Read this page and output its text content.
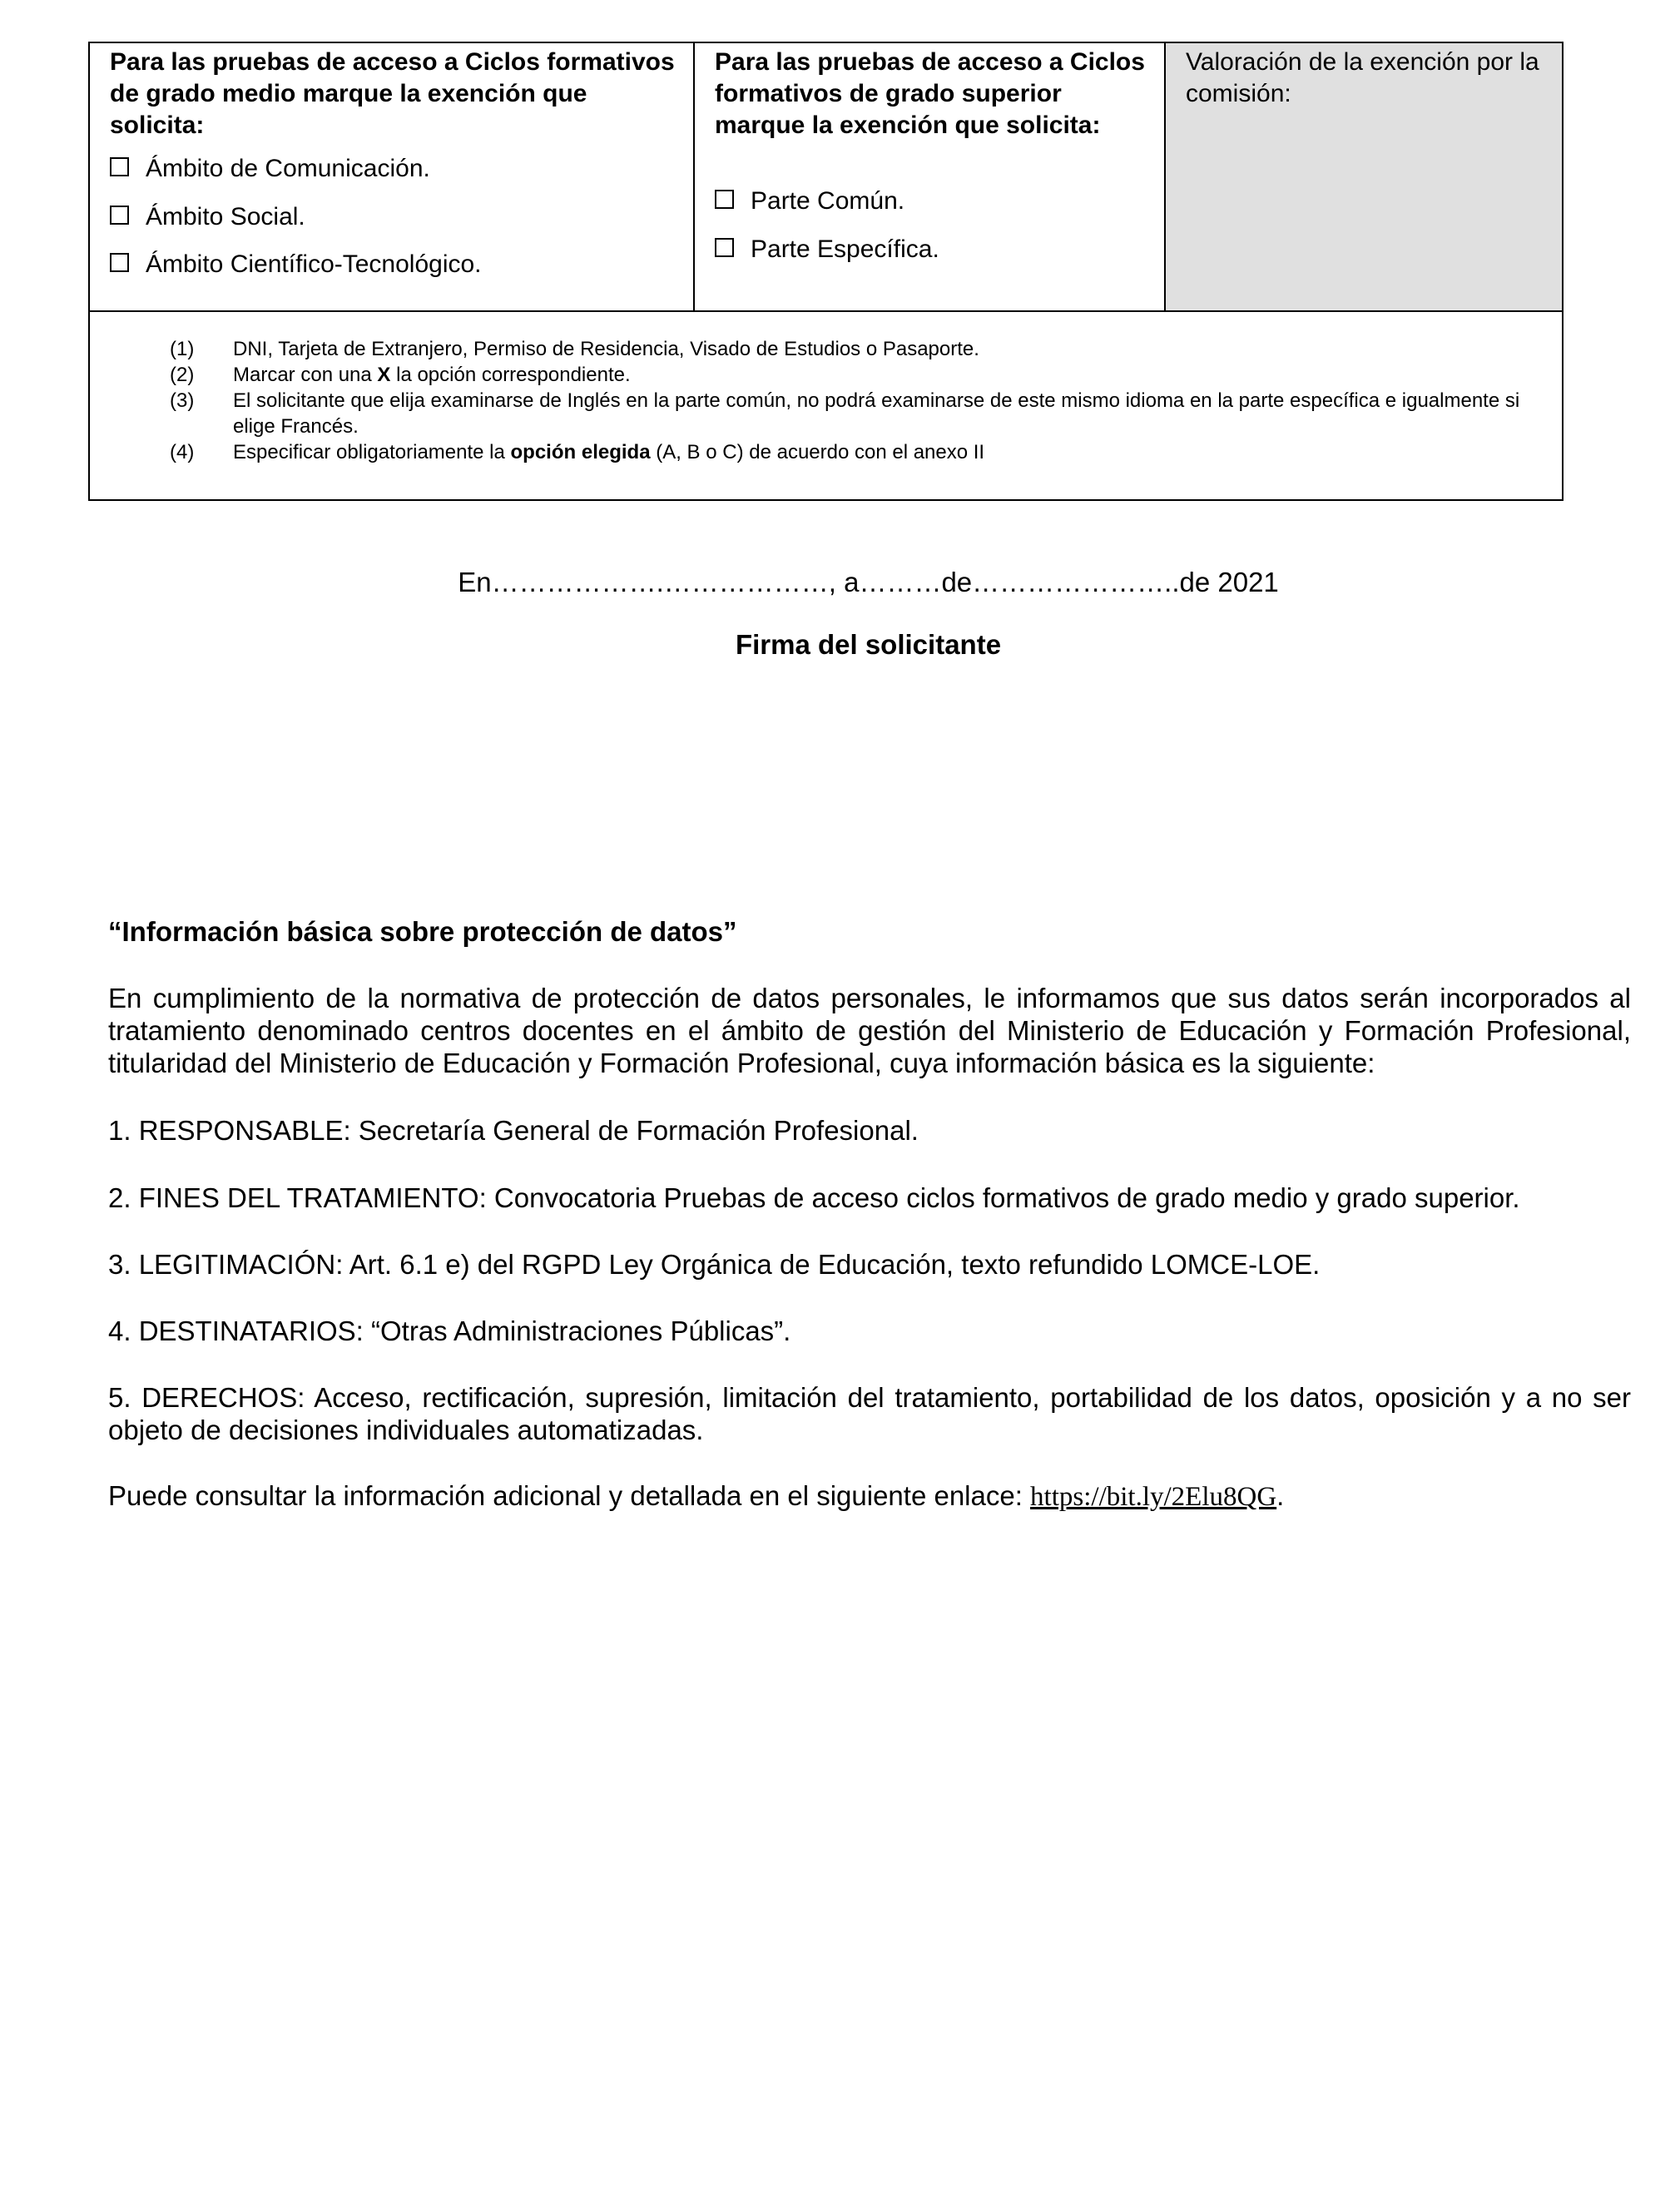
Para las pruebas de acceso a Ciclos formativos de grado medio marque la exención que solicita:
Ámbito de Comunicación.
Ámbito Social.
Ámbito Científico-Tecnológico.
Para las pruebas de acceso a Ciclos formativos de grado superior marque la exención que solicita:
Parte Común.
Parte Específica.
Valoración de la exención por la comisión:
(1)	DNI, Tarjeta de Extranjero, Permiso de Residencia, Visado de Estudios o Pasaporte.
(2)	Marcar con una X la opción correspondiente.
(3)	El solicitante que elija examinarse de Inglés en la parte común, no podrá examinarse de este mismo idioma en la parte específica e igualmente si elige Francés.
(4)	Especificar obligatoriamente la opción elegida (A, B o C) de acuerdo con el anexo II
En……………….………………, a………de…………………..de 2021
Firma del solicitante
“Información básica sobre protección de datos”
En cumplimiento de la normativa de protección de datos personales, le informamos que sus datos serán incorporados al tratamiento denominado centros docentes en el ámbito de gestión del Ministerio de Educación y Formación Profesional, titularidad del Ministerio de Educación y Formación Profesional, cuya información básica es la siguiente:
1. RESPONSABLE: Secretaría General de Formación Profesional.
2. FINES DEL TRATAMIENTO: Convocatoria Pruebas de acceso ciclos formativos de grado medio y grado superior.
3. LEGITIMACIÓN: Art. 6.1 e) del RGPD Ley Orgánica de Educación, texto refundido LOMCE-LOE.
4. DESTINATARIOS: “Otras Administraciones Públicas”.
5. DERECHOS: Acceso, rectificación, supresión, limitación del tratamiento, portabilidad de los datos, oposición y a no ser objeto de decisiones individuales automatizadas.
Puede consultar la información adicional y detallada en el siguiente enlace: https://bit.ly/2Elu8QG.
